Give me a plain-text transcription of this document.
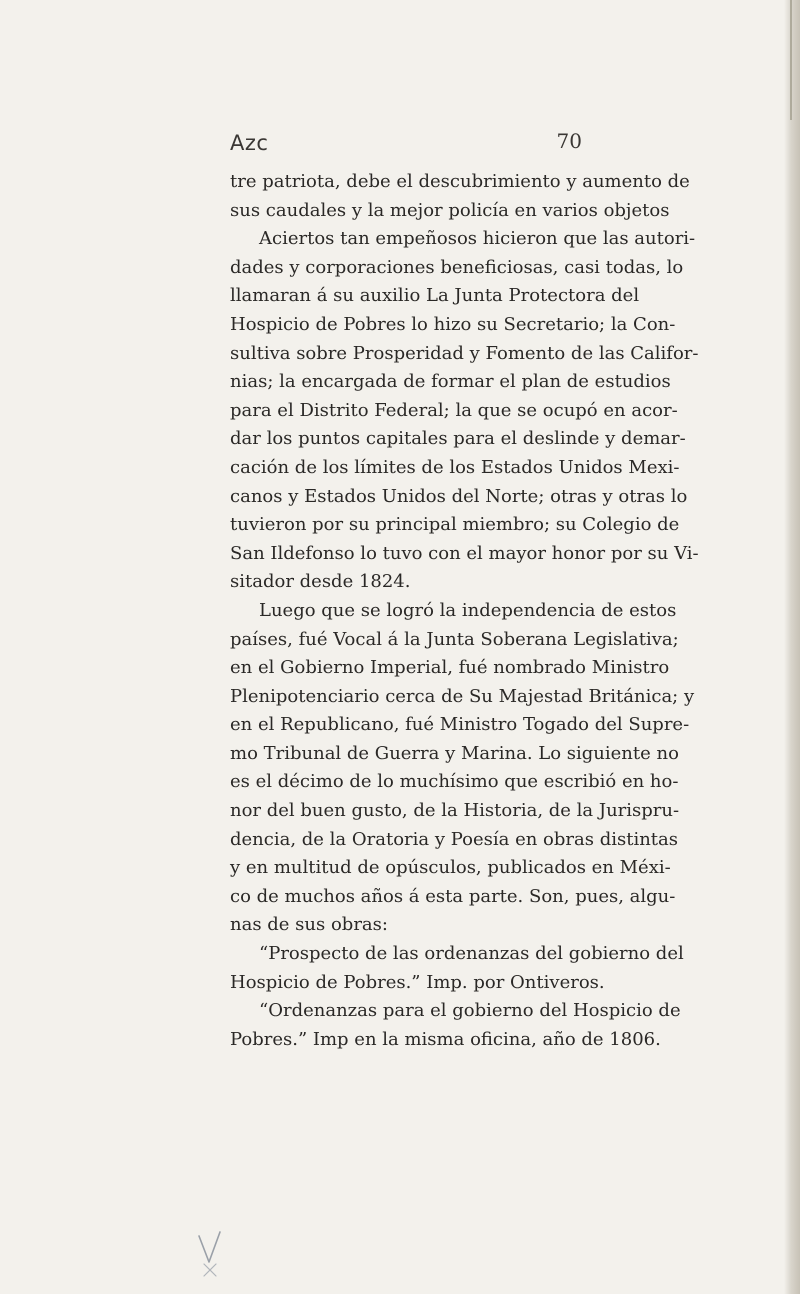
Azc	70
tre patriota, debe el descubrimiento y aumento de
sus caudales y la mejor policía en varios objetos
Aciertos tan empeñosos hicieron que las autori-
dades y corporaciones beneficiosas, casi todas, lo
llamaran á su auxilio La Junta Protectora del
Hospicio de Pobres lo hizo su Secretario; la Con-
sultiva sobre Prosperidad y Fomento de las Califor-
nias; la encargada de formar el plan de estudios
para el Distrito Federal; la que se ocupó en acor-
dar los puntos capitales para el deslinde y demar-
cación de los límites de los Estados Unidos Mexi-
canos y Estados Unidos del Norte; otras y otras lo
tuvieron por su principal miembro; su Colegio de
San Ildefonso lo tuvo con el mayor honor por su Vi-
sitador desde 1824.
Luego que se logró la independencia de estos
países, fué Vocal á la Junta Soberana Legislativa;
en el Gobierno Imperial, fué nombrado Ministro
Plenipotenciario cerca de Su Majestad Británica; y
en el Republicano, fué Ministro Togado del Supre-
mo Tribunal de Guerra y Marina. Lo siguiente no
es el décimo de lo muchísimo que escribió en ho-
nor del buen gusto, de la Historia, de la Jurispru-
dencia, de la Oratoria y Poesía en obras distintas
y en multitud de opúsculos, publicados en Méxi-
co de muchos años á esta parte. Son, pues, algu-
nas de sus obras:
“Prospecto de las ordenanzas del gobierno del
Hospicio de Pobres.” Imp. por Ontiveros.
“Ordenanzas para el gobierno del Hospicio de
Pobres.” Imp en la misma oficina, año de 1806.
